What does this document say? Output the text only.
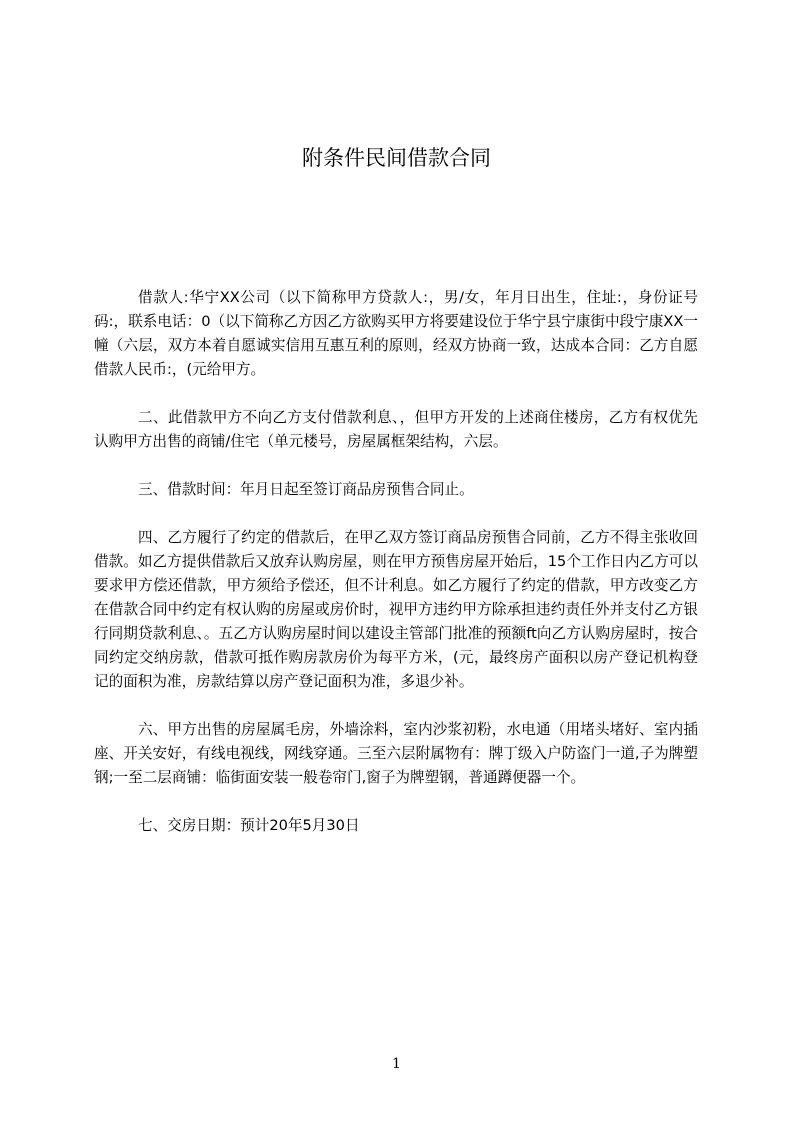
附条件民间借款合同

借款人:华宁XX公司（以下简称甲方贷款人:，男/女，年月日出生，住址:，身份证号码:，联系电话：0（以下简称乙方因乙方欲购买甲方将要建设位于华宁县宁康街中段宁康XX一幢（六层，双方本着自愿诚实信用互惠互利的原则，经双方协商一致，达成本合同：乙方自愿借款人民币:，(元给甲方。

二、此借款甲方不向乙方支付借款利息、，但甲方开发的上述商住楼房，乙方有权优先认购甲方出售的商铺/住宅（单元楼号，房屋属框架结构，六层。

三、借款时间：年月日起至签订商品房预售合同止。

四、乙方履行了约定的借款后，在甲乙双方签订商品房预售合同前，乙方不得主张收回借款。如乙方提供借款后又放弃认购房屋，则在甲方预售房屋开始后，15个工作日内乙方可以要求甲方偿还借款，甲方须给予偿还，但不计利息。如乙方履行了约定的借款，甲方改变乙方在借款合同中约定有权认购的房屋或房价时，视甲方违约甲方除承担违约责任外并支付乙方银行同期贷款利息、。五乙方认购房屋时间以建设主管部门批准的预额ft向乙方认购房屋时，按合同约定交纳房款，借款可抵作购房款房价为每平方米，(元，最终房产面积以房产登记机构登记的面积为准，房款结算以房产登记面积为准，多退少补。

六、甲方出售的房屋属毛房，外墙涂料，室内沙浆初粉，水电通（用堵头堵好、室内插座、开关安好，有线电视线，网线穿通。三至六层附属物有：牌丁级入户防盗门一道,子为牌塑钢;一至二层商铺：临街面安装一般卷帘门,窗子为牌塑钢，普通蹲便器一个。

七、交房日期：预计20年5月30日

1
